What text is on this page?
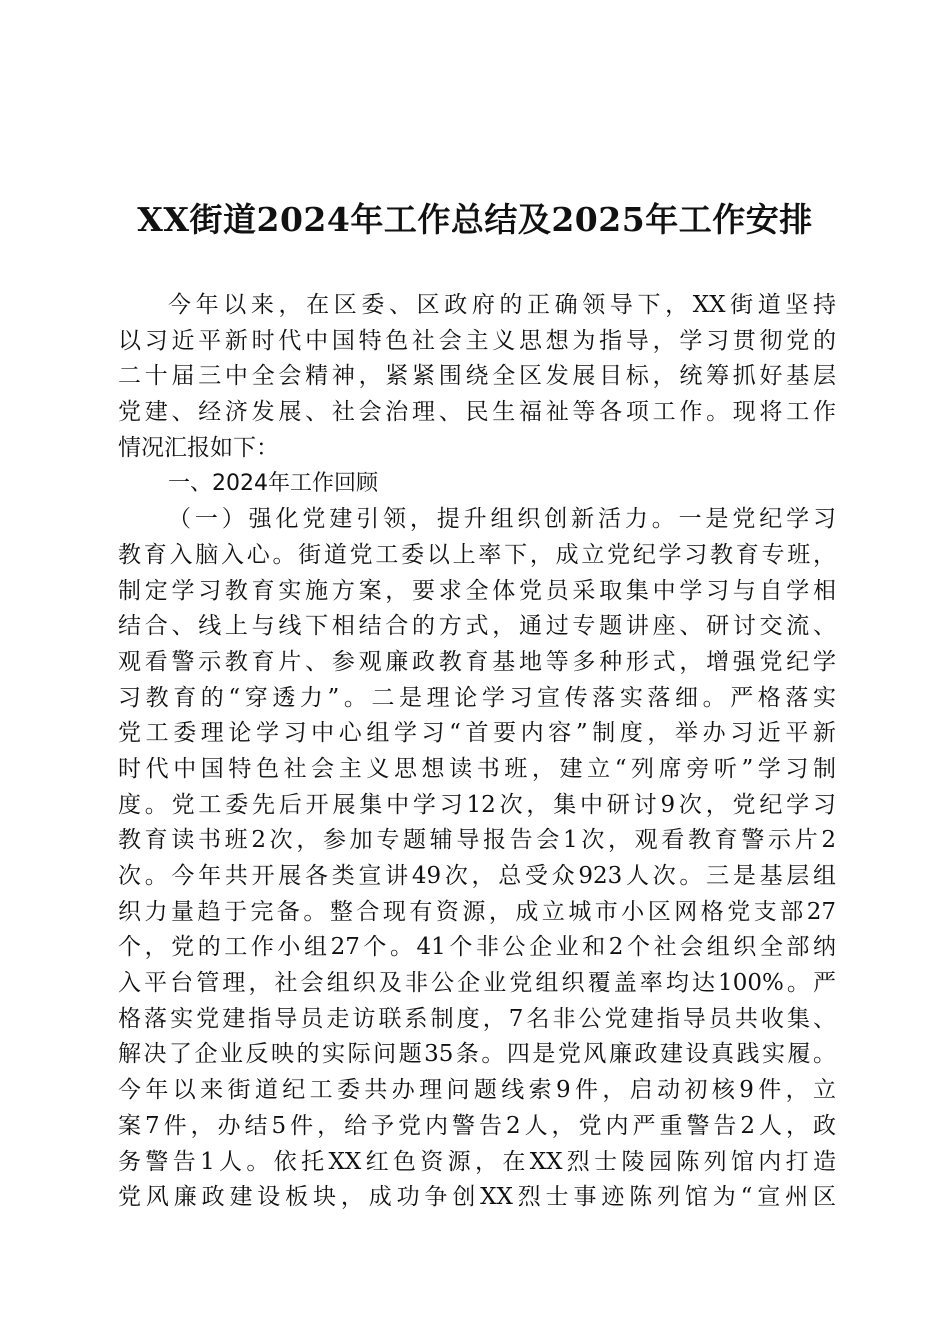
XX街道2024年工作总结及2025年工作安排
今年以来，在区委、区政府的正确领导下，XX街道坚持
以习近平新时代中国特色社会主义思想为指导，学习贯彻党的
二十届三中全会精神，紧紧围绕全区发展目标，统筹抓好基层
党建、经济发展、社会治理、民生福祉等各项工作。现将工作
情况汇报如下：
一、2024年工作回顾
（一）强化党建引领，提升组织创新活力。一是党纪学习
教育入脑入心。街道党工委以上率下，成立党纪学习教育专班，
制定学习教育实施方案，要求全体党员采取集中学习与自学相
结合、线上与线下相结合的方式，通过专题讲座、研讨交流、
观看警示教育片、参观廉政教育基地等多种形式，增强党纪学
习教育的“穿透力”。二是理论学习宣传落实落细。严格落实
党工委理论学习中心组学习“首要内容”制度，举办习近平新
时代中国特色社会主义思想读书班，建立“列席旁听”学习制
度。党工委先后开展集中学习12次，集中研讨9次，党纪学习
教育读书班2次，参加专题辅导报告会1次，观看教育警示片2
次。今年共开展各类宣讲49次，总受众923人次。三是基层组
织力量趋于完备。整合现有资源，成立城市小区网格党支部27
个，党的工作小组27个。41个非公企业和2个社会组织全部纳
入平台管理，社会组织及非公企业党组织覆盖率均达100%。严
格落实党建指导员走访联系制度，7名非公党建指导员共收集、
解决了企业反映的实际问题35条。四是党风廉政建设真践实履。
今年以来街道纪工委共办理问题线索9件，启动初核9件，立
案7件，办结5件，给予党内警告2人，党内严重警告2人，政
务警告1人。依托XX红色资源，在XX烈士陵园陈列馆内打造
党风廉政建设板块，成功争创XX烈士事迹陈列馆为“宣州区
